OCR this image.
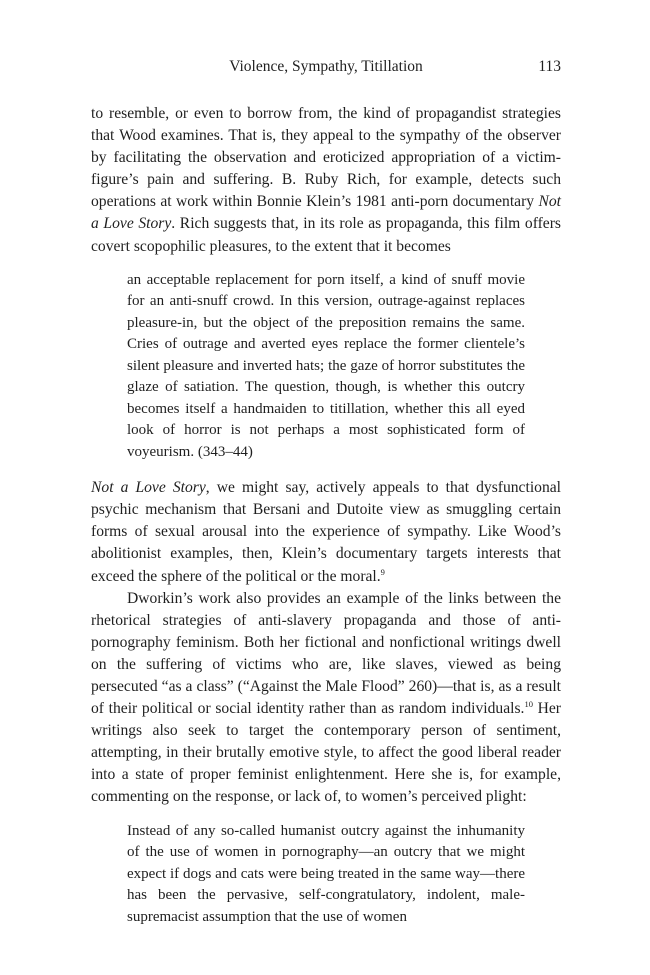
Violence, Sympathy, Titillation	113

to resemble, or even to borrow from, the kind of propagandist strategies that Wood examines. That is, they appeal to the sympathy of the observer by facilitating the observation and eroticized appropriation of a victim-figure’s pain and suffering. B. Ruby Rich, for example, detects such operations at work within Bonnie Klein’s 1981 anti-porn documentary Not a Love Story. Rich suggests that, in its role as propaganda, this film offers covert scopophilic pleasures, to the extent that it becomes

an acceptable replacement for porn itself, a kind of snuff movie for an anti-snuff crowd. In this version, outrage-against replaces pleasure-in, but the object of the preposition remains the same. Cries of outrage and averted eyes replace the former clientele’s silent pleasure and inverted hats; the gaze of horror substitutes the glaze of satiation. The question, though, is whether this outcry becomes itself a handmaiden to titillation, whether this all eyed look of horror is not perhaps a most sophisticated form of voyeurism. (343–44)

Not a Love Story, we might say, actively appeals to that dysfunctional psychic mechanism that Bersani and Dutoite view as smuggling certain forms of sexual arousal into the experience of sympathy. Like Wood’s abolitionist examples, then, Klein’s documentary targets interests that exceed the sphere of the political or the moral.$^9$

Dworkin’s work also provides an example of the links between the rhetorical strategies of anti-slavery propaganda and those of anti-pornography feminism. Both her fictional and nonfictional writings dwell on the suffering of victims who are, like slaves, viewed as being persecuted “as a class” (“Against the Male Flood” 260)—that is, as a result of their political or social identity rather than as random individuals.$^{10}$ Her writings also seek to target the contemporary person of sentiment, attempting, in their brutally emotive style, to affect the good liberal reader into a state of proper feminist enlightenment. Here she is, for example, commenting on the response, or lack of, to women’s perceived plight:

Instead of any so-called humanist outcry against the inhumanity of the use of women in pornography—an outcry that we might expect if dogs and cats were being treated in the same way—there has been the pervasive, self-congratulatory, indolent, male-supremacist assumption that the use of women
